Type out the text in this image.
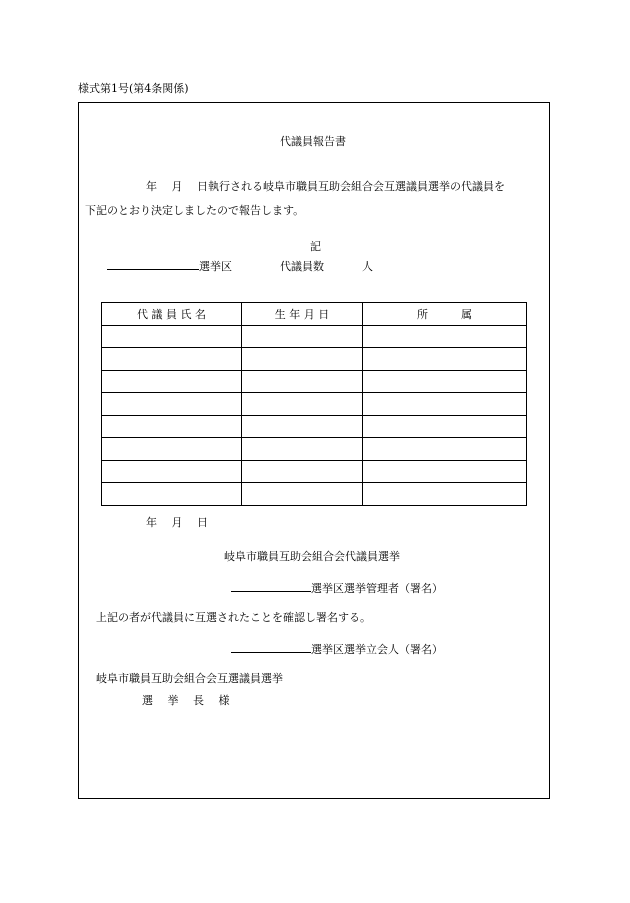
様式第1号(第4条関係)
代議員報告書
年 　月 　日執行される岐阜市職員互助会組合会互選議員選挙の代議員を
下記のとおり決定しましたので報告します。
記
選挙区	代議員数	人
代 議 員 氏 名	生 年 月 日	所　　　属

年 　月 　日
岐阜市職員互助会組合会代議員選挙
選挙区選挙管理者（署名）
上記の者が代議員に互選されたことを確認し署名する。
選挙区選挙立会人（署名）
岐阜市職員互助会組合会互選議員選挙
選 　挙 　長 　様
